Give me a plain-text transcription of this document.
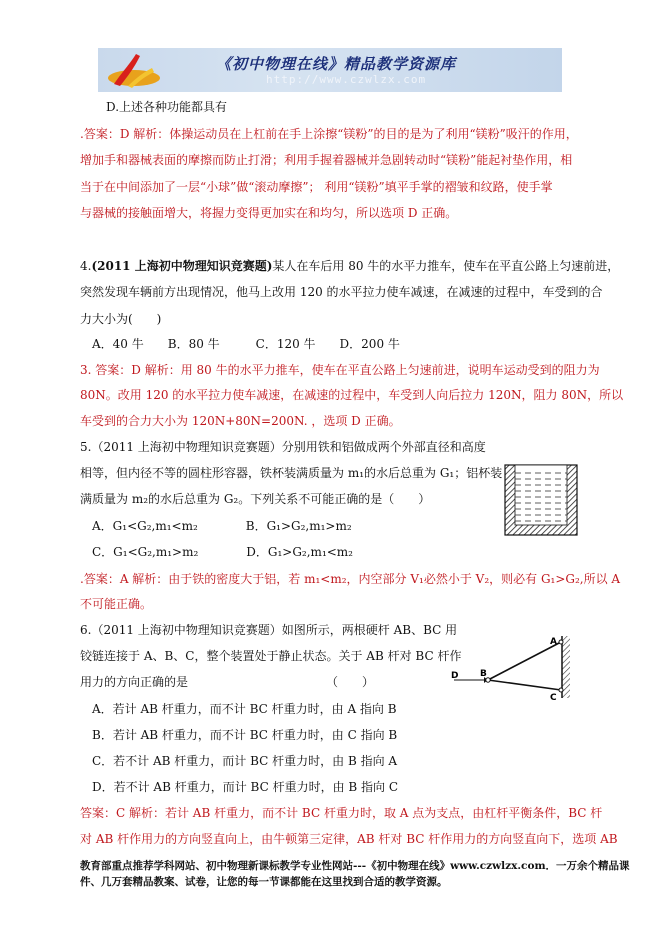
《初中物理在线》精品教学资源库
http://www.czwlzx.com
D.上述各种功能都具有
.答案：D 解析：体操运动员在上杠前在手上涂擦“镁粉”的目的是为了利用“镁粉”吸汗的作用，
增加手和器械表面的摩擦而防止打滑；利用手握着器械并急剧转动时“镁粉”能起衬垫作用，相
当于在中间添加了一层“小球”做“滚动摩擦”； 利用“镁粉”填平手掌的褶皱和纹路，使手掌
与器械的接触面增大，将握力变得更加实在和均匀，所以选项 D 正确。
4.(2011 上海初中物理知识竞赛题)某人在车后用 80 牛的水平力推车，使车在平直公路上匀速前进，
突然发现车辆前方出现情况，他马上改用 120 的水平拉力使车减速，在减速的过程中，车受到的合
力大小为(　　)
　A．40 牛　　B．80 牛　　　C．120 牛　　D．200 牛
3. 答案：D 解析：用 80 牛的水平力推车，使车在平直公路上匀速前进，说明车运动受到的阻力为
80N。改用 120 的水平拉力使车减速，在减速的过程中，车受到人向后拉力 120N，阻力 80N，所以
车受到的合力大小为 120N+80N=200N. ，选项 D 正确。
5.（2011 上海初中物理知识竞赛题）分别用铁和铝做成两个外部直径和高度
相等，但内径不等的圆柱形容器，铁杯装满质量为 m₁的水后总重为 G₁；铝杯装
满质量为 m₂的水后总重为 G₂。下列关系不可能正确的是（　　）
　A．G₁<G₂,m₁<m₂　　　　B．G₁>G₂,m₁>m₂
　C．G₁<G₂,m₁>m₂　　　　D．G₁>G₂,m₁<m₂
.答案：A 解析：由于铁的密度大于铝，若 m₁<m₂，内空部分 V₁必然小于 V₂，则必有 G₁>G₂,所以 A
不可能正确。
6.（2011 上海初中物理知识竞赛题）如图所示，两根硬杆 AB、BC 用
铰链连接于 A、B、C，整个装置处于静止状态。关于 AB 杆对 BC 杆作
用力的方向正确的是　　　　　　　　　　　　（　　）
　A．若计 AB 杆重力，而不计 BC 杆重力时，由 A 指向 B
　B．若计 AB 杆重力，而不计 BC 杆重力时，由 C 指向 B
　C．若不计 AB 杆重力，而计 BC 杆重力时，由 B 指向 A
　D．若不计 AB 杆重力，而计 BC 杆重力时，由 B 指向 C
答案：C 解析：若计 AB 杆重力，而不计 BC 杆重力时，取 A 点为支点，由杠杆平衡条件，BC 杆
对 AB 杆作用力的方向竖直向上，由牛顿第三定律，AB 杆对 BC 杆作用力的方向竖直向下，选项 AB
A
B
C
D
教育部重点推荐学科网站、初中物理新课标教学专业性网站---《初中物理在线》www.czwlzx.com．一万余个精品课
件、几万套精品教案、试卷，让您的每一节课都能在这里找到合适的教学资源。
